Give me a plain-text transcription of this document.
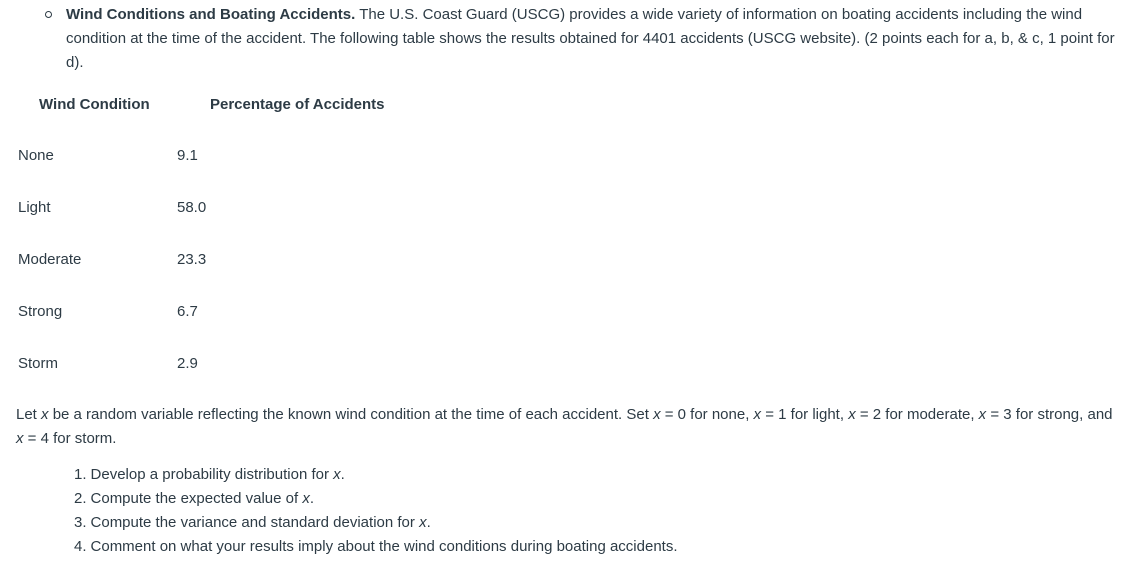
Wind Conditions and Boating Accidents. The U.S. Coast Guard (USCG) provides a wide variety of information on boating accidents including the wind condition at the time of the accident. The following table shows the results obtained for 4401 accidents (USCG website). (2 points each for a, b, & c, 1 point for d).
Wind Condition	Percentage of Accidents
None	9.1
Light	58.0
Moderate	23.3
Strong	6.7
Storm	2.9
Let x be a random variable reflecting the known wind condition at the time of each accident. Set x = 0 for none, x = 1 for light, x = 2 for moderate, x = 3 for strong, and x = 4 for storm.
1. Develop a probability distribution for x.
2. Compute the expected value of x.
3. Compute the variance and standard deviation for x.
4. Comment on what your results imply about the wind conditions during boating accidents.
